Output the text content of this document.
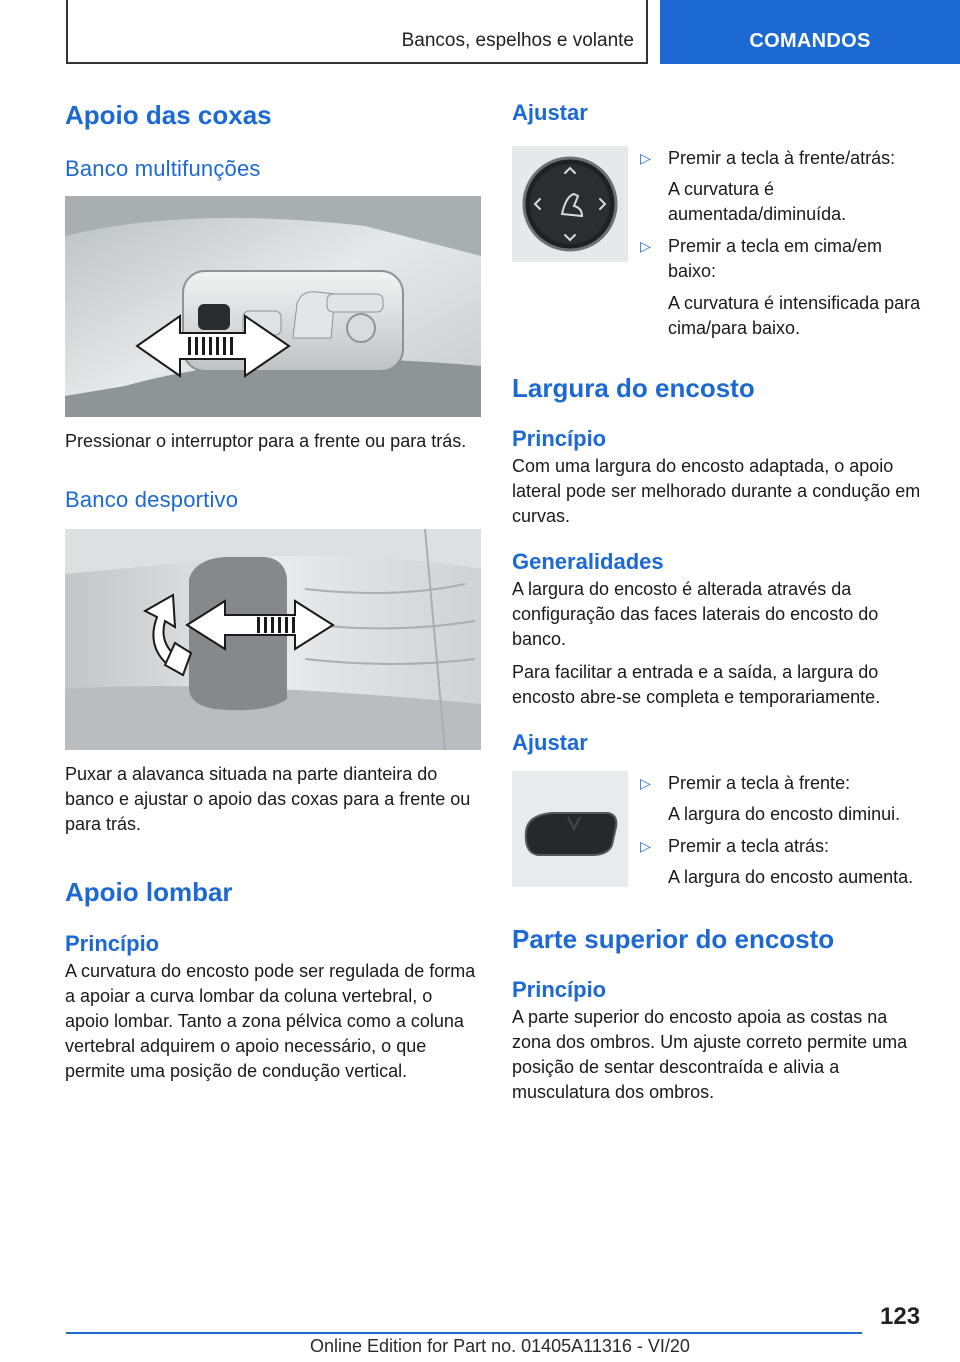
Bancos, espelhos e volante	COMANDOS
Apoio das coxas
Banco multifunções

Pressionar o interruptor para a frente ou para trás.

Banco desportivo

Puxar a alavanca situada na parte dianteira do banco e ajustar o apoio das coxas para a frente ou para trás.

Apoio lombar
Princípio

A curvatura do encosto pode ser regulada de forma a apoiar a curva lombar da coluna vertebral, o apoio lombar. Tanto a zona pélvica como a coluna vertebral adquirem o apoio necessário, o que permite uma posição de condução vertical.

Ajustar
▷ Premir a tecla à frente/atrás:
A curvatura é aumentada/diminuída.
▷ Premir a tecla em cima/em baixo:
A curvatura é intensificada para cima/para baixo.
Largura do encosto
Princípio

Com uma largura do encosto adaptada, o apoio lateral pode ser melhorado durante a condução em curvas.

Generalidades

A largura do encosto é alterada através da configuração das faces laterais do encosto do banco.

Para facilitar a entrada e a saída, a largura do encosto abre-se completa e temporariamente.

Ajustar
▷ Premir a tecla à frente:
A largura do encosto diminui.
▷ Premir a tecla atrás:
A largura do encosto aumenta.
Parte superior do encosto
Princípio

A parte superior do encosto apoia as costas na zona dos ombros. Um ajuste correto permite uma posição de sentar descontraída e alivia a musculatura dos ombros.

123
Online Edition for Part no. 01405A11316 - VI/20
